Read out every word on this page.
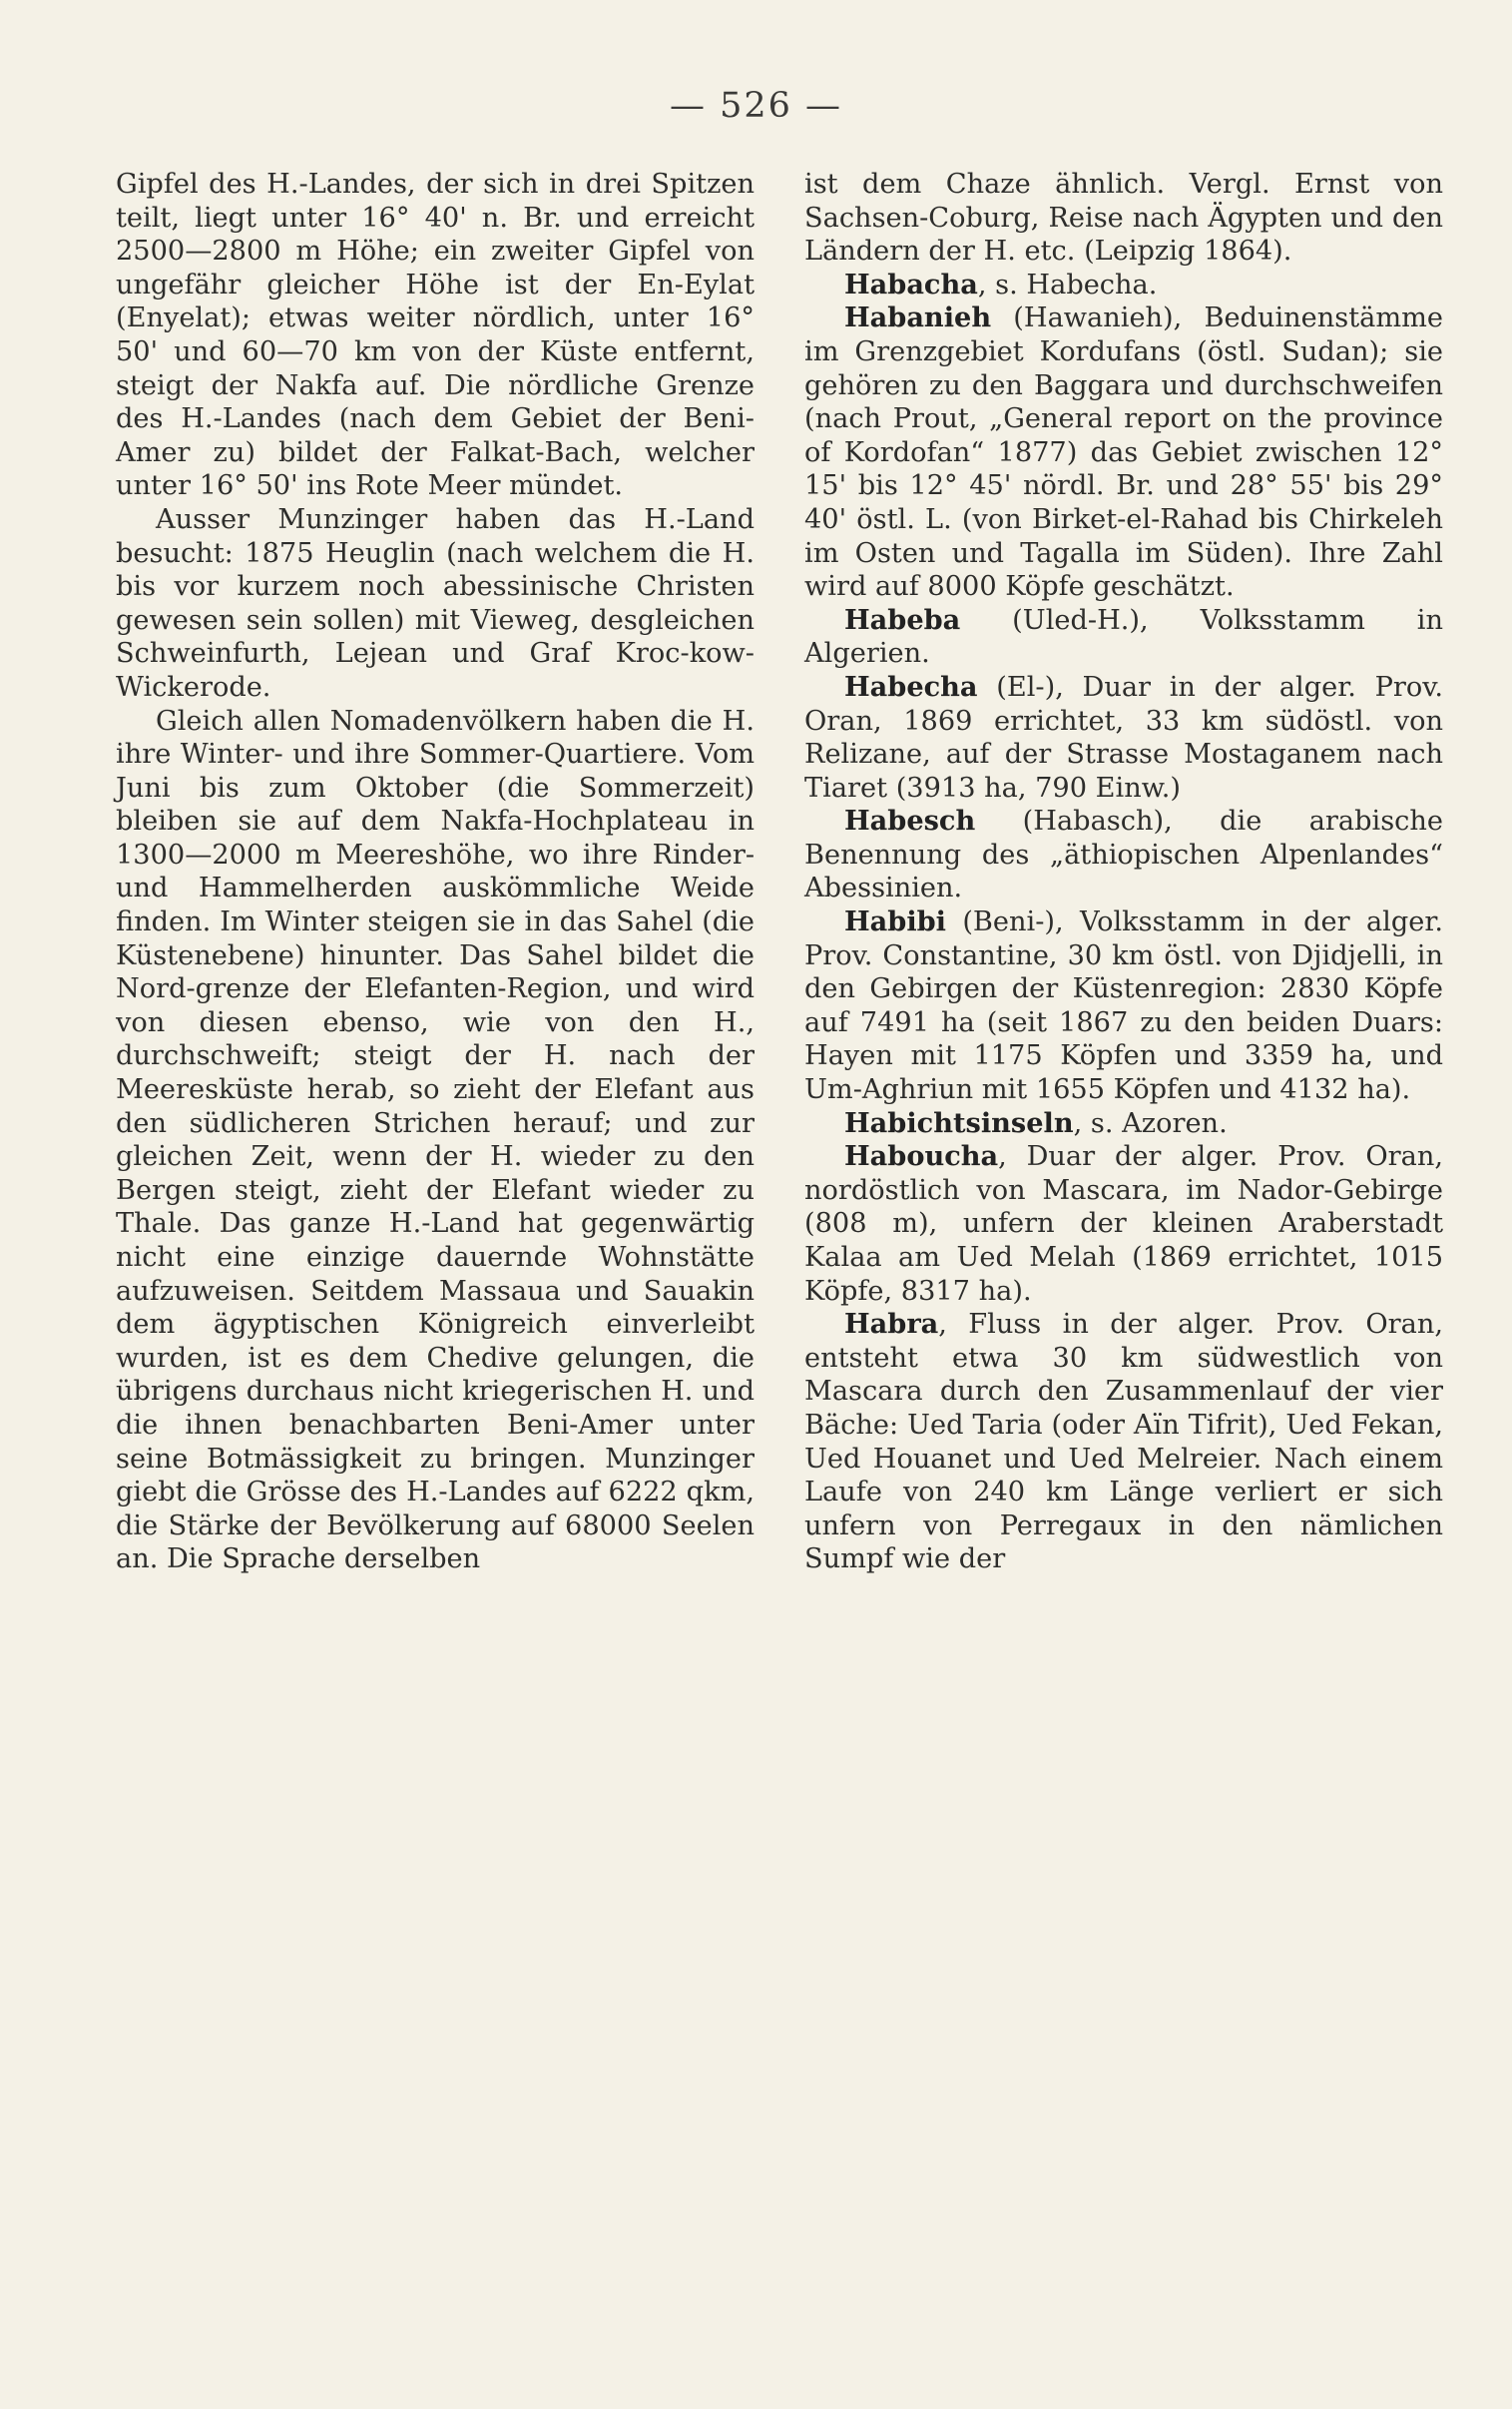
— 526 —

Gipfel des H.-Landes, der sich in drei Spitzen teilt, liegt unter 16° 40' n. Br. und erreicht 2500—2800 m Höhe; ein zweiter Gipfel von ungefähr gleicher Höhe ist der En-Eylat (Enyelat); etwas weiter nördlich, unter 16° 50' und 60—70 km von der Küste entfernt, steigt der Nakfa auf. Die nördliche Grenze des H.-Landes (nach dem Gebiet der Beni-Amer zu) bildet der Falkat-Bach, welcher unter 16° 50' ins Rote Meer mündet.

Ausser Munzinger haben das H.-Land besucht: 1875 Heuglin (nach welchem die H. bis vor kurzem noch abessinische Christen gewesen sein sollen) mit Vieweg, desgleichen Schweinfurth, Lejean und Graf Kroc-kow-Wickerode.

Gleich allen Nomadenvölkern haben die H. ihre Winter- und ihre Sommer-Quartiere. Vom Juni bis zum Oktober (die Sommerzeit) bleiben sie auf dem Nakfa-Hochplateau in 1300—2000 m Meereshöhe, wo ihre Rinder- und Hammelherden auskömmliche Weide finden. Im Winter steigen sie in das Sahel (die Küstenebene) hinunter. Das Sahel bildet die Nord-grenze der Elefanten-Region, und wird von diesen ebenso, wie von den H., durchschweift; steigt der H. nach der Meeresküste herab, so zieht der Elefant aus den südlicheren Strichen herauf; und zur gleichen Zeit, wenn der H. wieder zu den Bergen steigt, zieht der Elefant wieder zu Thale. Das ganze H.-Land hat gegenwärtig nicht eine einzige dauernde Wohnstätte aufzuweisen. Seitdem Massaua und Sauakin dem ägyptischen Königreich einverleibt wurden, ist es dem Chedive gelungen, die übrigens durchaus nicht kriegerischen H. und die ihnen benachbarten Beni-Amer unter seine Botmässigkeit zu bringen. Munzinger giebt die Grösse des H.-Landes auf 6222 qkm, die Stärke der Bevölkerung auf 68000 Seelen an. Die Sprache derselben

ist dem Chaze ähnlich. Vergl. Ernst von Sachsen-Coburg, Reise nach Ägypten und den Ländern der H. etc. (Leipzig 1864).

Habacha, s. Habecha.

Habanieh (Hawanieh), Beduinenstämme im Grenzgebiet Kordufans (östl. Sudan); sie gehören zu den Baggara und durchschweifen (nach Prout, „General report on the province of Kordofan“ 1877) das Gebiet zwischen 12° 15' bis 12° 45' nördl. Br. und 28° 55' bis 29° 40' östl. L. (von Birket-el-Rahad bis Chirkeleh im Osten und Tagalla im Süden). Ihre Zahl wird auf 8000 Köpfe geschätzt.

Habeba (Uled-H.), Volksstamm in Algerien.

Habecha (El-), Duar in der alger. Prov. Oran, 1869 errichtet, 33 km südöstl. von Relizane, auf der Strasse Mostaganem nach Tiaret (3913 ha, 790 Einw.)

Habesch (Habasch), die arabische Benennung des „äthiopischen Alpenlandes“ Abessinien.

Habibi (Beni-), Volksstamm in der alger. Prov. Constantine, 30 km östl. von Djidjelli, in den Gebirgen der Küstenregion: 2830 Köpfe auf 7491 ha (seit 1867 zu den beiden Duars: Hayen mit 1175 Köpfen und 3359 ha, und Um-Aghriun mit 1655 Köpfen und 4132 ha).

Habichtsinseln, s. Azoren.

Haboucha, Duar der alger. Prov. Oran, nordöstlich von Mascara, im Nador-Gebirge (808 m), unfern der kleinen Araberstadt Kalaa am Ued Melah (1869 errichtet, 1015 Köpfe, 8317 ha).

Habra, Fluss in der alger. Prov. Oran, entsteht etwa 30 km südwestlich von Mascara durch den Zusammenlauf der vier Bäche: Ued Taria (oder Aïn Tifrit), Ued Fekan, Ued Houanet und Ued Melreier. Nach einem Laufe von 240 km Länge verliert er sich unfern von Perregaux in den nämlichen Sumpf wie der
